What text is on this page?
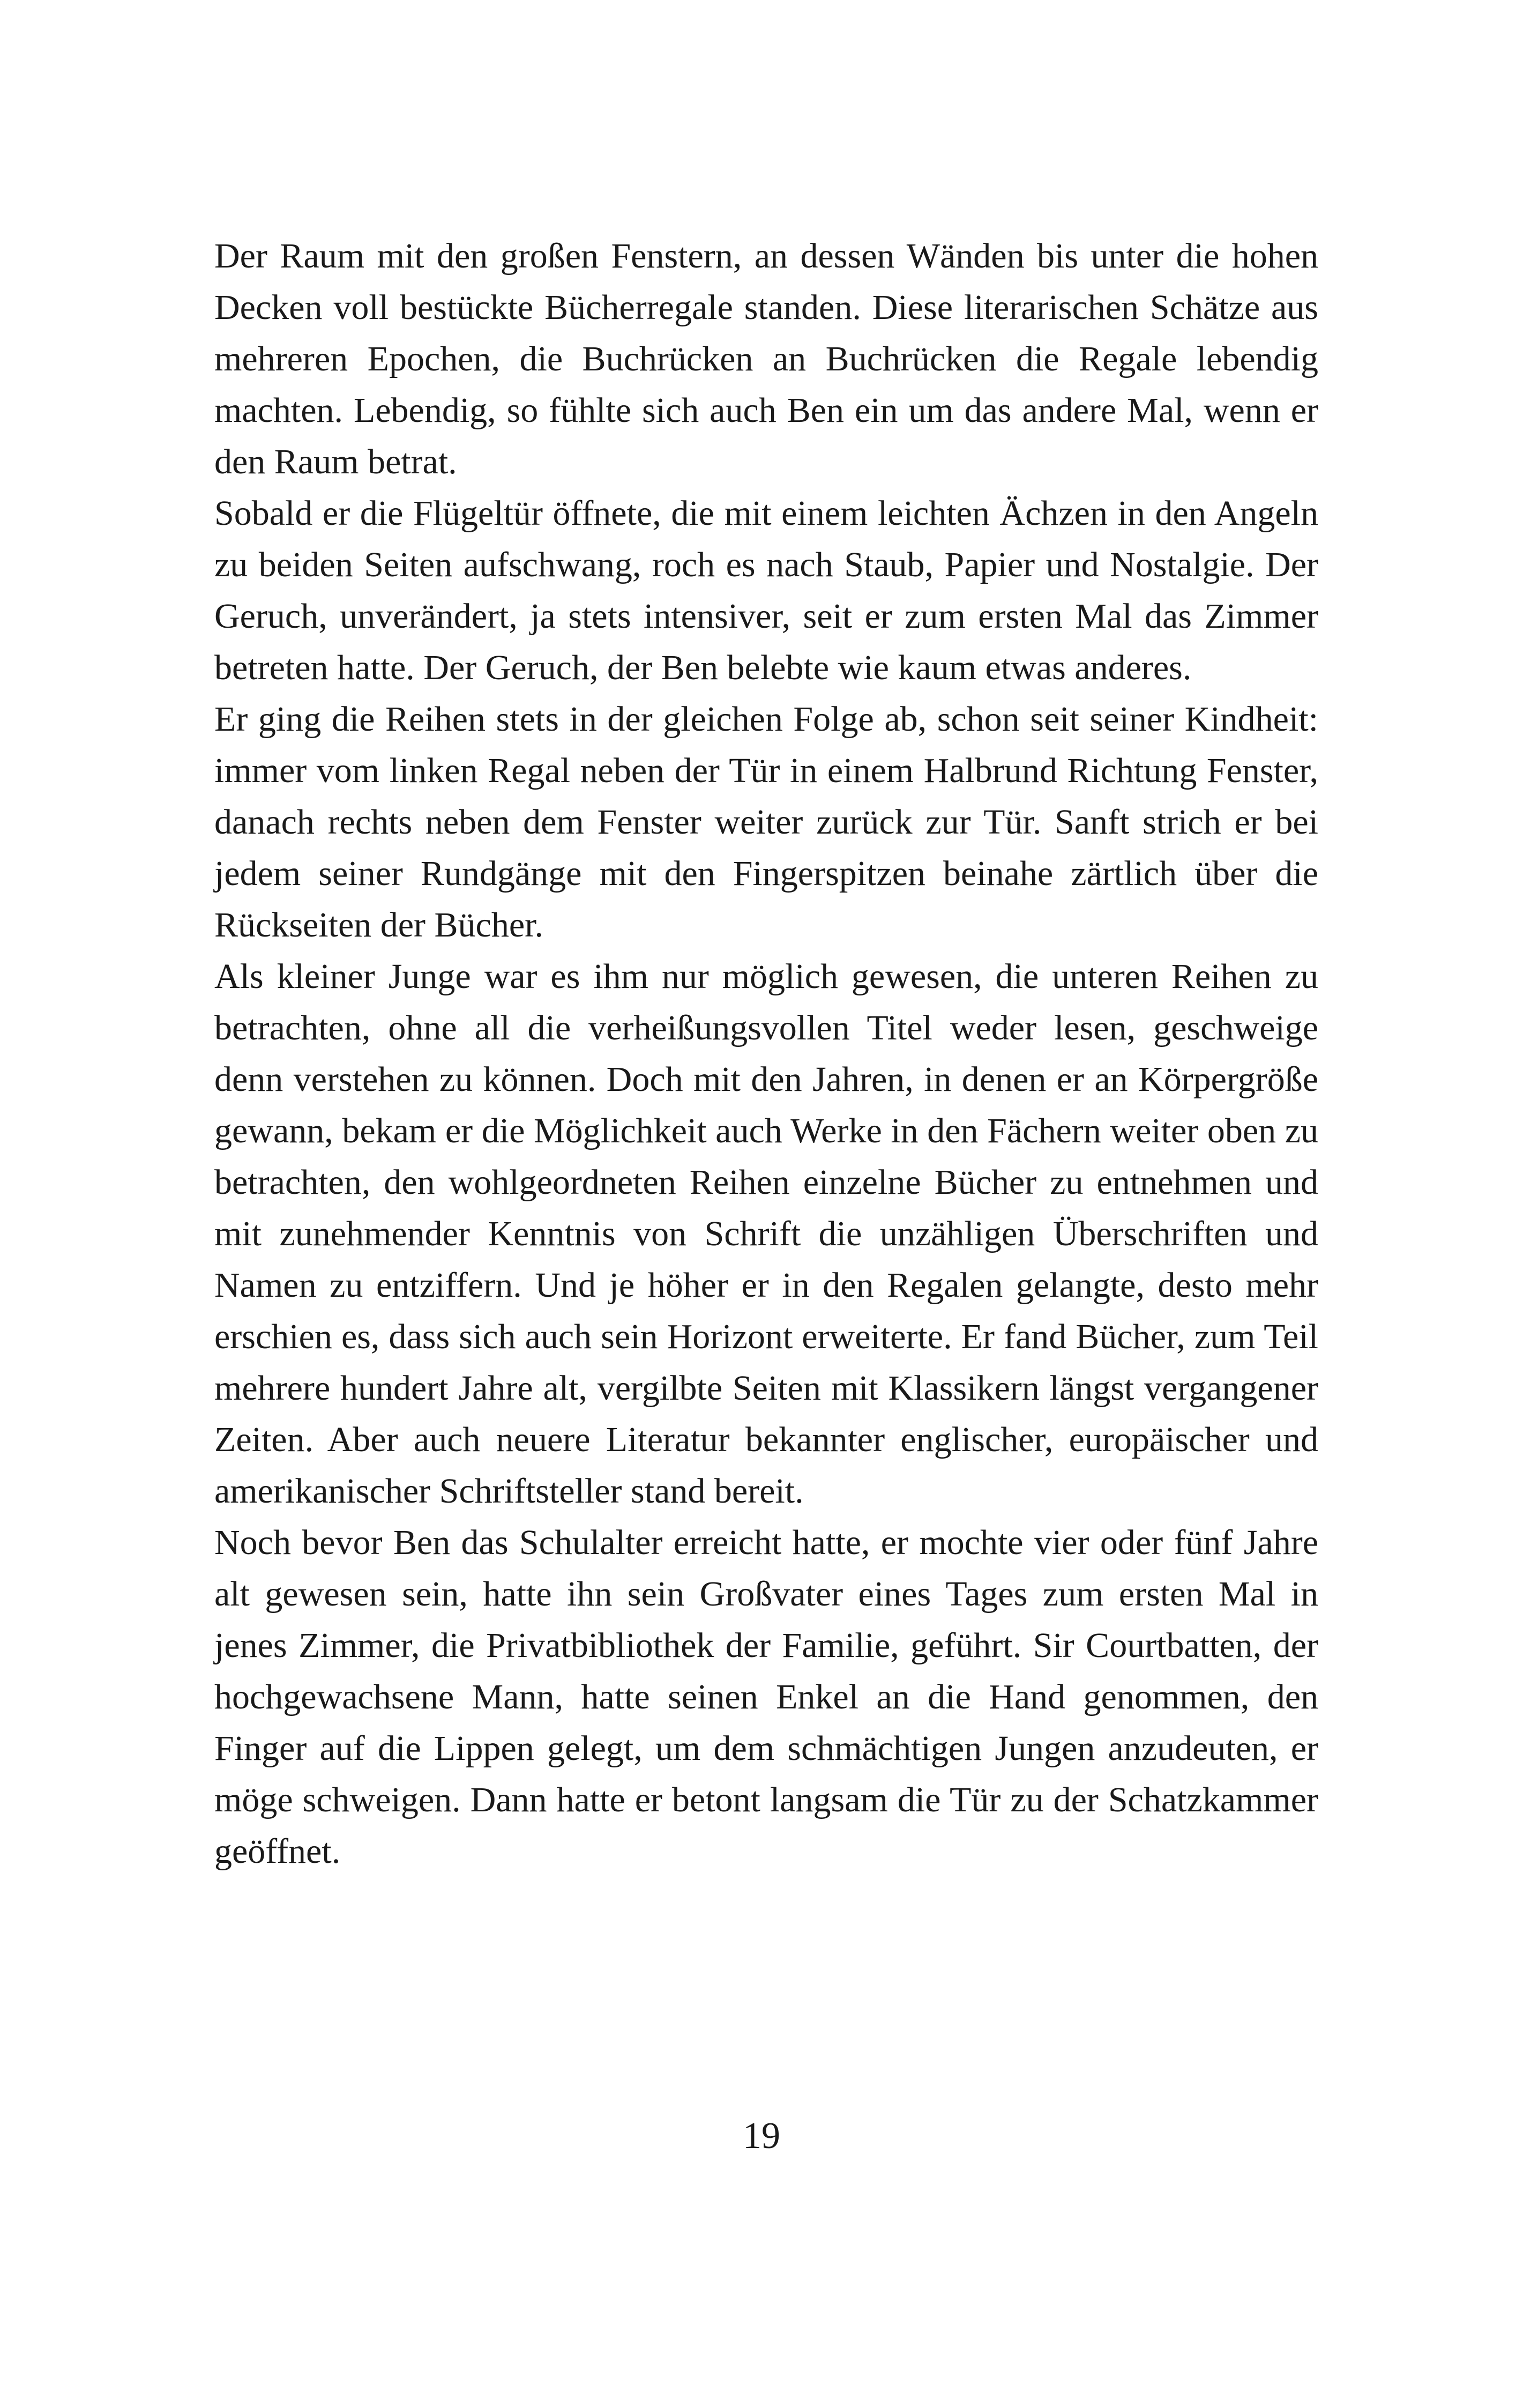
Der Raum mit den großen Fenstern, an dessen Wänden bis unter die hohen Decken voll bestückte Bücherregale standen. Diese literarischen Schätze aus mehreren Epochen, die Buchrücken an Buchrücken die Regale lebendig machten. Lebendig, so fühlte sich auch Ben ein um das andere Mal, wenn er den Raum betrat.

Sobald er die Flügeltür öffnete, die mit einem leichten Ächzen in den Angeln zu beiden Seiten aufschwang, roch es nach Staub, Papier und Nostalgie. Der Geruch, unverändert, ja stets intensiver, seit er zum ersten Mal das Zimmer betreten hatte. Der Geruch, der Ben belebte wie kaum etwas anderes.

Er ging die Reihen stets in der gleichen Folge ab, schon seit seiner Kindheit: immer vom linken Regal neben der Tür in einem Halbrund Richtung Fenster, danach rechts neben dem Fenster weiter zurück zur Tür. Sanft strich er bei jedem seiner Rundgänge mit den Fingerspitzen beinahe zärtlich über die Rückseiten der Bücher.

Als kleiner Junge war es ihm nur möglich gewesen, die unteren Reihen zu betrachten, ohne all die verheißungsvollen Titel weder lesen, geschweige denn verstehen zu können. Doch mit den Jahren, in denen er an Körpergröße gewann, bekam er die Möglichkeit auch Werke in den Fächern weiter oben zu betrachten, den wohlgeordneten Reihen einzelne Bücher zu entnehmen und mit zunehmender Kenntnis von Schrift die unzähligen Überschriften und Namen zu entziffern. Und je höher er in den Regalen gelangte, desto mehr erschien es, dass sich auch sein Horizont erweiterte. Er fand Bücher, zum Teil mehrere hundert Jahre alt, vergilbte Seiten mit Klassikern längst vergangener Zeiten. Aber auch neuere Literatur bekannter englischer, europäischer und amerikanischer Schriftsteller stand bereit.

Noch bevor Ben das Schulalter erreicht hatte, er mochte vier oder fünf Jahre alt gewesen sein, hatte ihn sein Großvater eines Tages zum ersten Mal in jenes Zimmer, die Privatbibliothek der Familie, geführt. Sir Courtbatten, der hochgewachsene Mann, hatte seinen Enkel an die Hand genommen, den Finger auf die Lippen gelegt, um dem schmächtigen Jungen anzudeuten, er möge schweigen. Dann hatte er betont langsam die Tür zu der Schatzkammer geöffnet.

19
